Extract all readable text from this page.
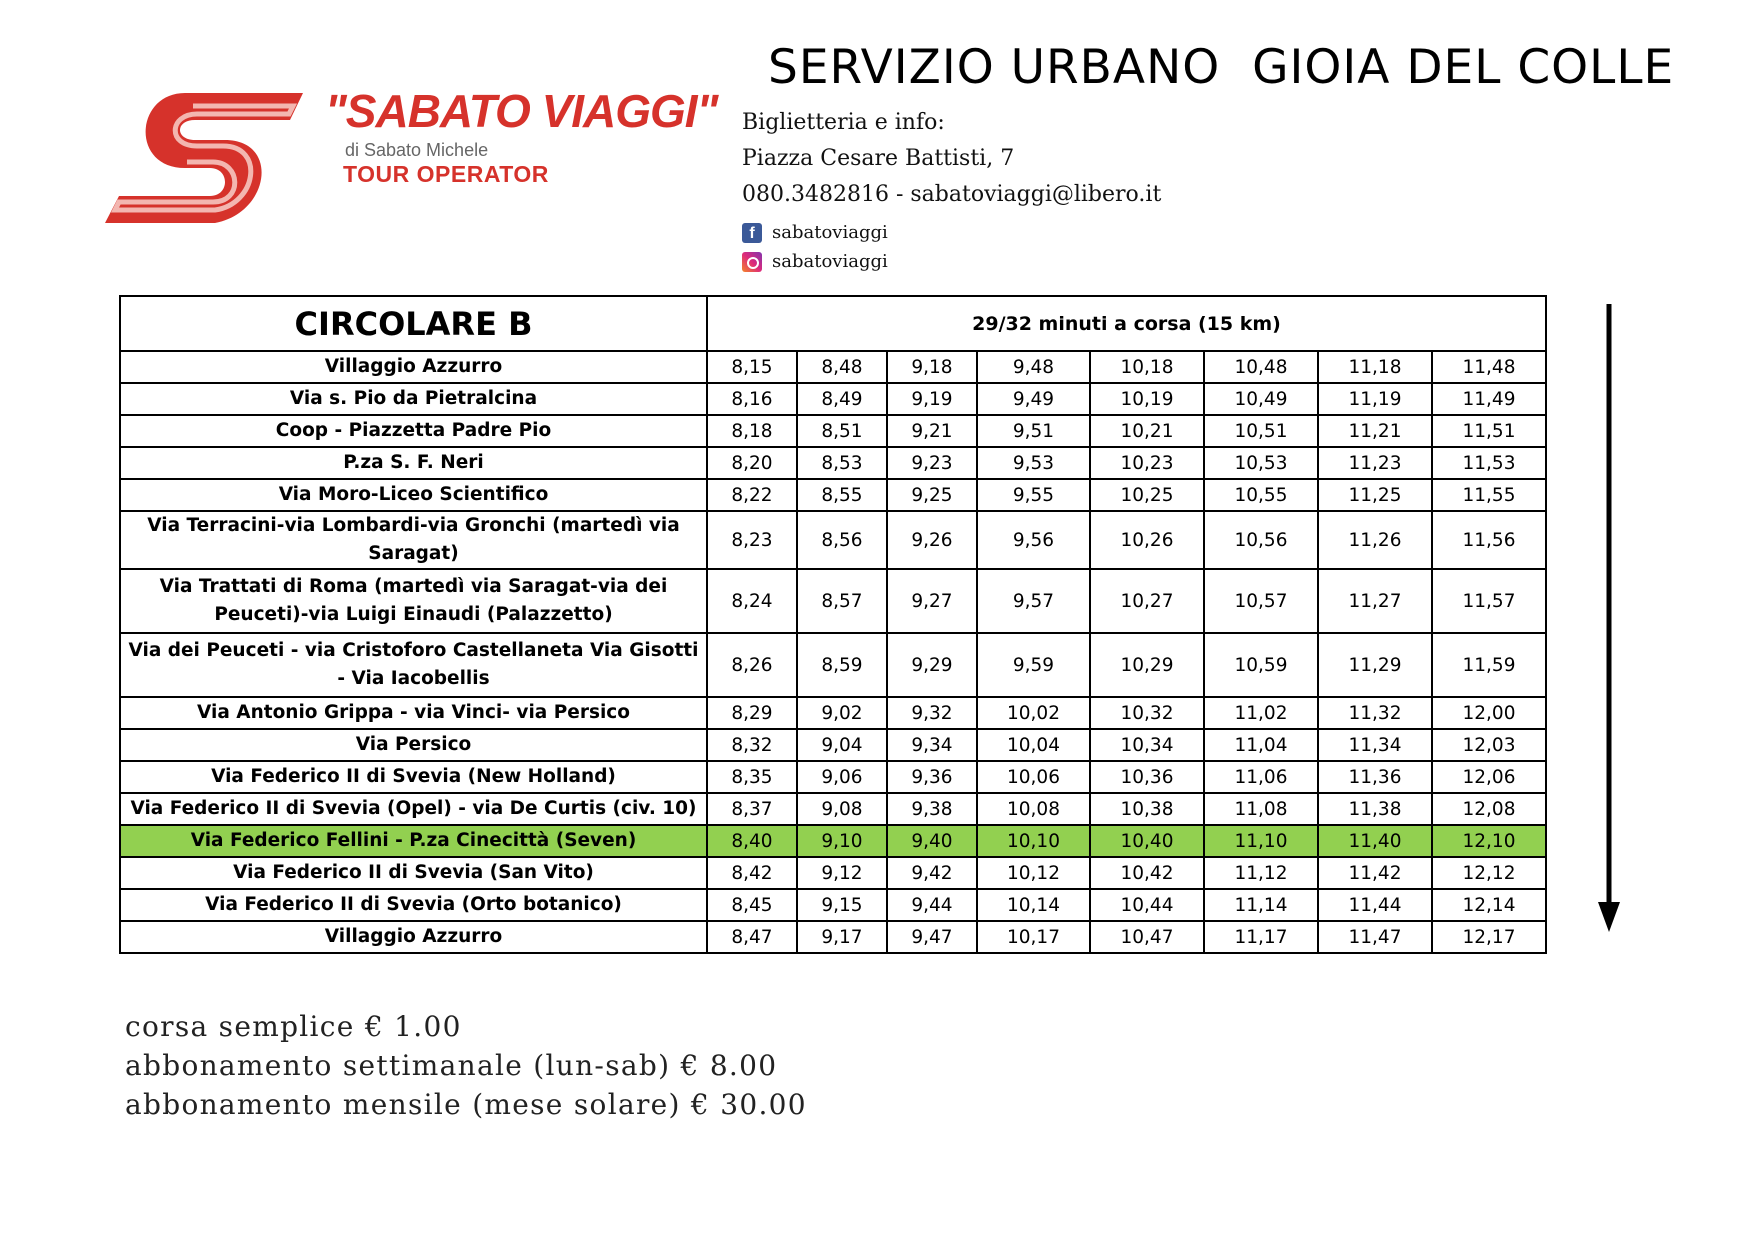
"SABATO VIAGGI"
di Sabato Michele
TOUR OPERATOR
SERVIZIO URBANO  GIOIA DEL COLLE
Biglietteria e info:
Piazza Cesare Battisti, 7
080.3482816 - sabatoviaggi@libero.it
f sabatoviaggi
sabatoviaggi
CIRCOLARE B	29/32 minuti a corsa (15 km)							
Villaggio Azzurro	8,15	8,48	9,18	9,48	10,18	10,48	11,18	11,48
Via s. Pio da Pietralcina	8,16	8,49	9,19	9,49	10,19	10,49	11,19	11,49
Coop - Piazzetta Padre Pio	8,18	8,51	9,21	9,51	10,21	10,51	11,21	11,51
P.za S. F. Neri	8,20	8,53	9,23	9,53	10,23	10,53	11,23	11,53
Via Moro-Liceo Scientifico	8,22	8,55	9,25	9,55	10,25	10,55	11,25	11,55
Via Terracini-via Lombardi-via Gronchi (martedì via Saragat)	8,23	8,56	9,26	9,56	10,26	10,56	11,26	11,56
Via Trattati di Roma (martedì via Saragat-via dei Peuceti)-via Luigi Einaudi (Palazzetto)	8,24	8,57	9,27	9,57	10,27	10,57	11,27	11,57
Via dei Peuceti - via Cristoforo Castellaneta Via Gisotti - Via Iacobellis	8,26	8,59	9,29	9,59	10,29	10,59	11,29	11,59
Via Antonio Grippa - via Vinci- via Persico	8,29	9,02	9,32	10,02	10,32	11,02	11,32	12,00
Via Persico	8,32	9,04	9,34	10,04	10,34	11,04	11,34	12,03
Via Federico II di Svevia (New Holland)	8,35	9,06	9,36	10,06	10,36	11,06	11,36	12,06
Via Federico II di Svevia (Opel) - via De Curtis (civ. 10)	8,37	9,08	9,38	10,08	10,38	11,08	11,38	12,08
Via Federico Fellini - P.za Cinecittà (Seven)	8,40	9,10	9,40	10,10	10,40	11,10	11,40	12,10
Via Federico II di Svevia (San Vito)	8,42	9,12	9,42	10,12	10,42	11,12	11,42	12,12
Via Federico II di Svevia (Orto botanico)	8,45	9,15	9,44	10,14	10,44	11,14	11,44	12,14
Villaggio Azzurro	8,47	9,17	9,47	10,17	10,47	11,17	11,47	12,17
corsa semplice € 1.00
abbonamento settimanale (lun-sab) € 8.00
abbonamento mensile (mese solare) € 30.00
